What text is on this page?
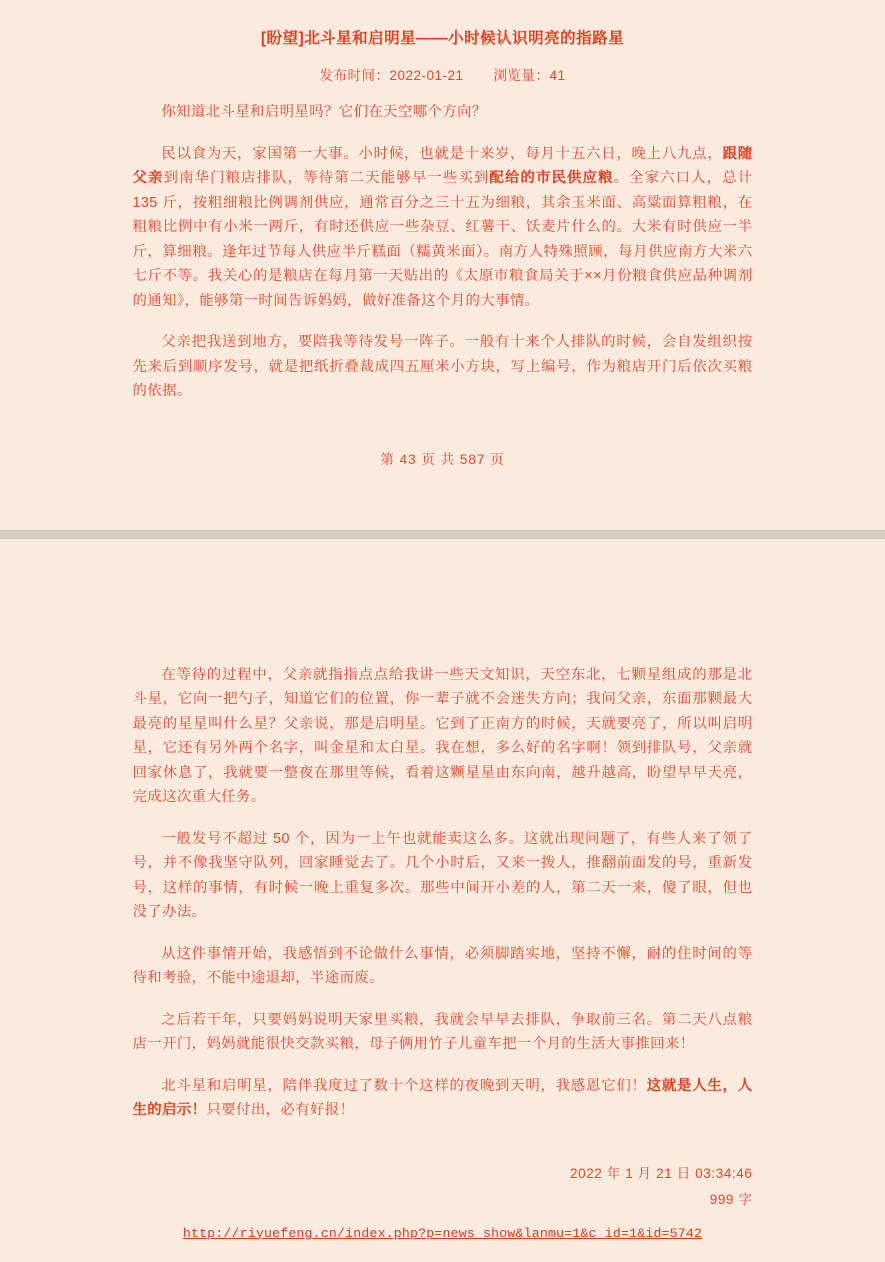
[盼望]北斗星和启明星——小时候认识明亮的指路星
发布时间：2022-01-21 浏览量：41

你知道北斗星和启明星吗？它们在天空哪个方向？

民以食为天，家国第一大事。小时候，也就是十来岁，每月十五六日，晚上八九点，跟随父亲到南华门粮店排队，等待第二天能够早一些买到配给的市民供应粮。全家六口人，总计 135 斤，按粗细粮比例调剂供应，通常百分之三十五为细粮，其余玉米面、高粱面算粗粮，在粗粮比例中有小米一两斤，有时还供应一些杂豆、红薯干、饫麦片什么的。大米有时供应一半斤，算细粮。逢年过节每人供应半斤糕面（糯黄米面）。南方人特殊照顾，每月供应南方大米六七斤不等。我关心的是粮店在每月第一天贴出的《太原市粮食局关于××月份粮食供应品种调剂的通知》，能够第一时间告诉妈妈，做好准备这个月的大事情。

父亲把我送到地方，要陪我等待发号一阵子。一般有十来个人排队的时候，会自发组织按先来后到顺序发号，就是把纸折叠裁成四五厘米小方块，写上编号，作为粮店开门后依次买粮的依据。

第 43 页 共 587 页

在等待的过程中，父亲就指指点点给我讲一些天文知识，天空东北，七颗星组成的那是北斗星，它向一把勺子，知道它们的位置，你一辈子就不会迷失方向；我问父亲，东面那颗最大最亮的星星叫什么星？父亲说，那是启明星。它到了正南方的时候，天就要亮了，所以叫启明星，它还有另外两个名字，叫金星和太白星。我在想，多么好的名字啊！领到排队号，父亲就回家休息了，我就要一整夜在那里等候，看着这颗星星由东向南，越升越高，盼望早早天亮，完成这次重大任务。

一般发号不超过 50 个，因为一上午也就能卖这么多。这就出现问题了，有些人来了领了号，并不像我坚守队列，回家睡觉去了。几个小时后，又来一拨人，推翻前面发的号，重新发号，这样的事情，有时候一晚上重复多次。那些中间开小差的人，第二天一来，傻了眼，但也没了办法。

从这件事情开始，我感悟到不论做什么事情，必须脚踏实地，坚持不懈，耐的住时间的等待和考验，不能中途退却，半途而废。

之后若干年，只要妈妈说明天家里买粮，我就会早早去排队，争取前三名。第二天八点粮店一开门，妈妈就能很快交款买粮，母子俩用竹子儿童车把一个月的生活大事推回来！

北斗星和启明星，陪伴我度过了数十个这样的夜晚到天明，我感恩它们！这就是人生，人生的启示！只要付出，必有好报！

2022 年 1 月 21 日 03:34:46
999 字
http://riyuefeng.cn/index.php?p=news_show&lanmu=1&c_id=1&id=5742
